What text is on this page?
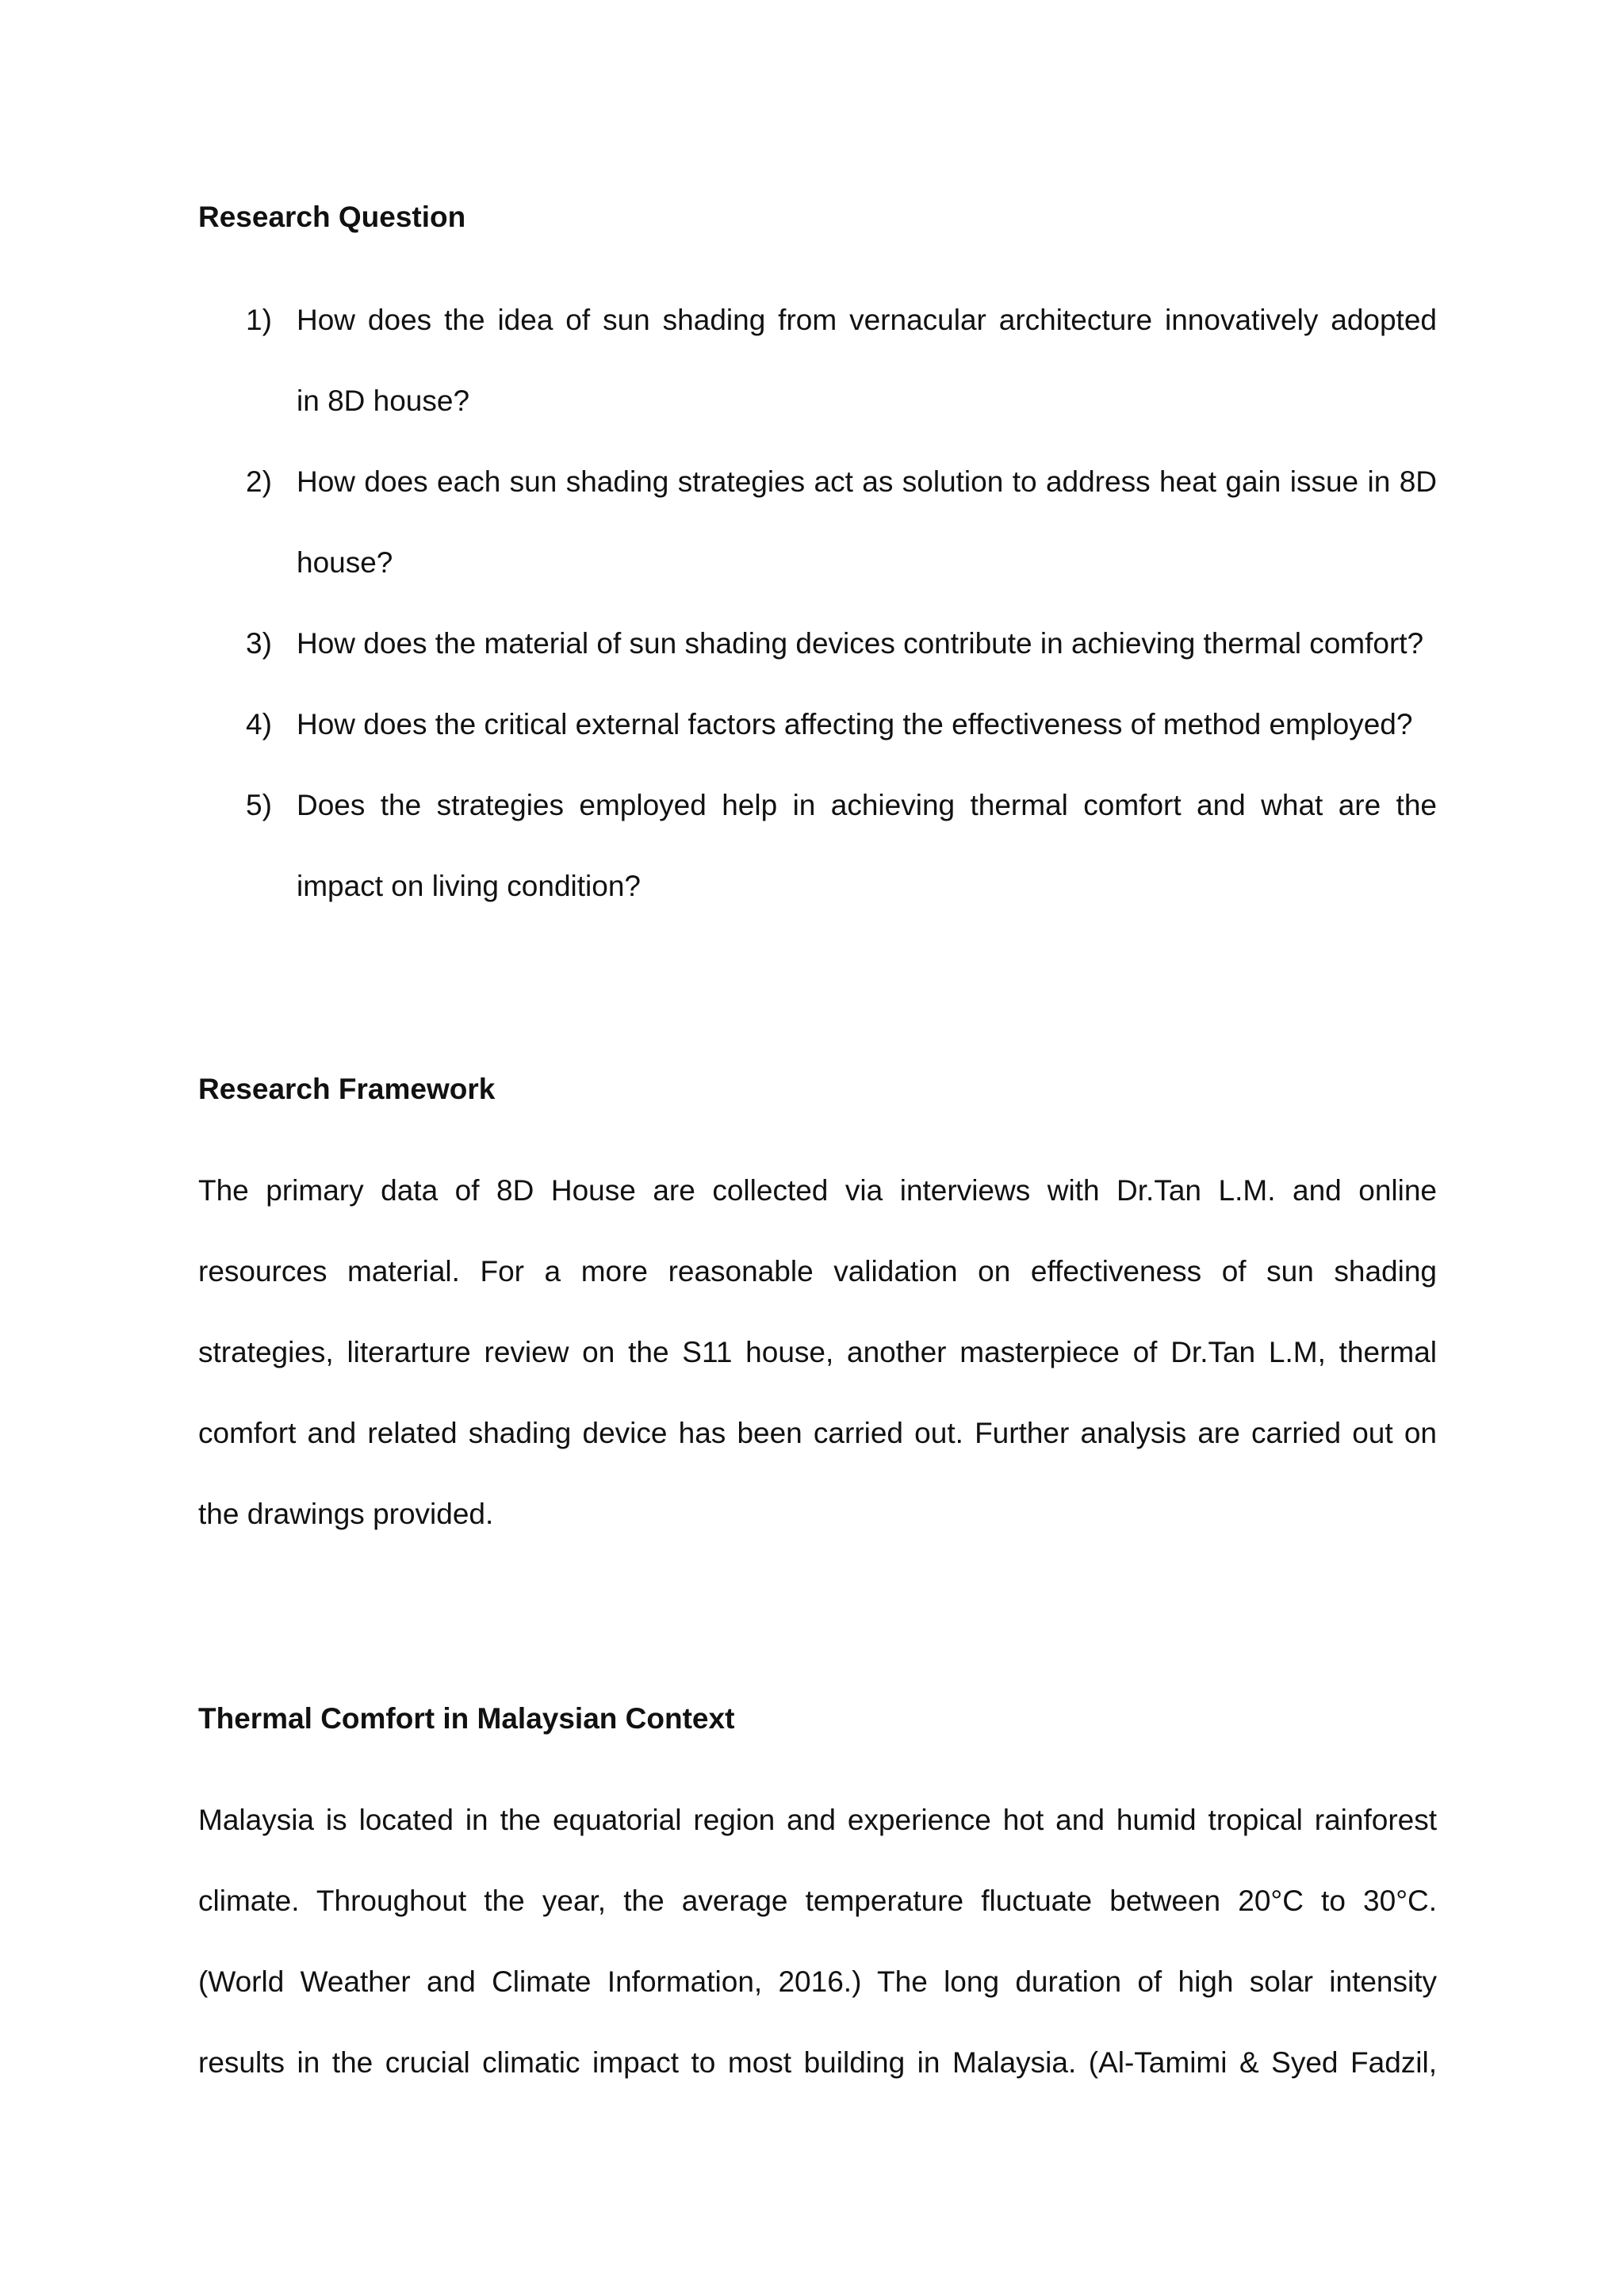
Research Question
1) How does the idea of sun shading from vernacular architecture innovatively adopted
in 8D house?
2) How does each sun shading strategies act as solution to address heat gain issue in 8D
house?
3) How does the material of sun shading devices contribute in achieving thermal comfort?
4) How does the critical external factors affecting the effectiveness of method employed?
5) Does the strategies employed help in achieving thermal comfort and what are the
impact on living condition?
Research Framework
The primary data of 8D House are collected via interviews with Dr.Tan L.M. and online
resources material. For a more reasonable validation on effectiveness of sun shading
strategies, literarture review on the S11 house, another masterpiece of Dr.Tan L.M, thermal
comfort and related shading device has been carried out. Further analysis are carried out on
the drawings provided.
Thermal Comfort in Malaysian Context
Malaysia is located in the equatorial region and experience hot and humid tropical rainforest
climate. Throughout the year, the average temperature fluctuate between 20°C to 30°C.
(World Weather and Climate Information, 2016.) The long duration of high solar intensity
results in the crucial climatic impact to most building in Malaysia. (Al-Tamimi & Syed Fadzil,
